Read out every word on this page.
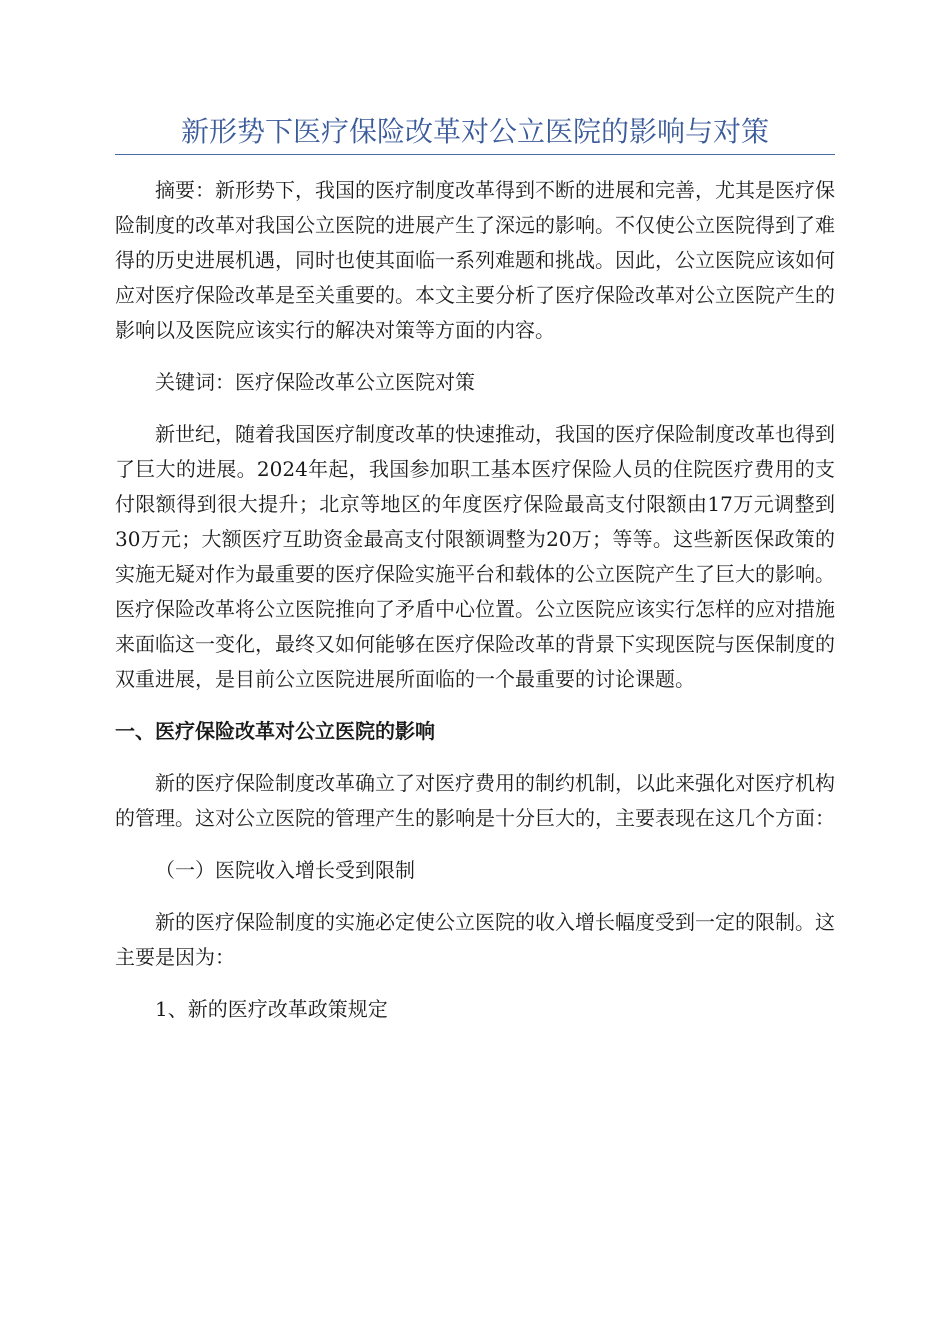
新形势下医疗保险改革对公立医院的影响与对策

摘要：新形势下，我国的医疗制度改革得到不断的进展和完善，尤其是医疗保险制度的改革对我国公立医院的进展产生了深远的影响。不仅使公立医院得到了难得的历史进展机遇，同时也使其面临一系列难题和挑战。因此，公立医院应该如何应对医疗保险改革是至关重要的。本文主要分析了医疗保险改革对公立医院产生的影响以及医院应该实行的解决对策等方面的内容。

关键词：医疗保险改革公立医院对策

新世纪，随着我国医疗制度改革的快速推动，我国的医疗保险制度改革也得到了巨大的进展。2024年起，我国参加职工基本医疗保险人员的住院医疗费用的支付限额得到很大提升；北京等地区的年度医疗保险最高支付限额由17万元调整到30万元；大额医疗互助资金最高支付限额调整为20万；等等。这些新医保政策的实施无疑对作为最重要的医疗保险实施平台和载体的公立医院产生了巨大的影响。医疗保险改革将公立医院推向了矛盾中心位置。公立医院应该实行怎样的应对措施来面临这一变化，最终又如何能够在医疗保险改革的背景下实现医院与医保制度的双重进展，是目前公立医院进展所面临的一个最重要的讨论课题。

一、医疗保险改革对公立医院的影响

新的医疗保险制度改革确立了对医疗费用的制约机制，以此来强化对医疗机构的管理。这对公立医院的管理产生的影响是十分巨大的，主要表现在这几个方面：

（一）医院收入增长受到限制

新的医疗保险制度的实施必定使公立医院的收入增长幅度受到一定的限制。这主要是因为：

1、新的医疗改革政策规定
